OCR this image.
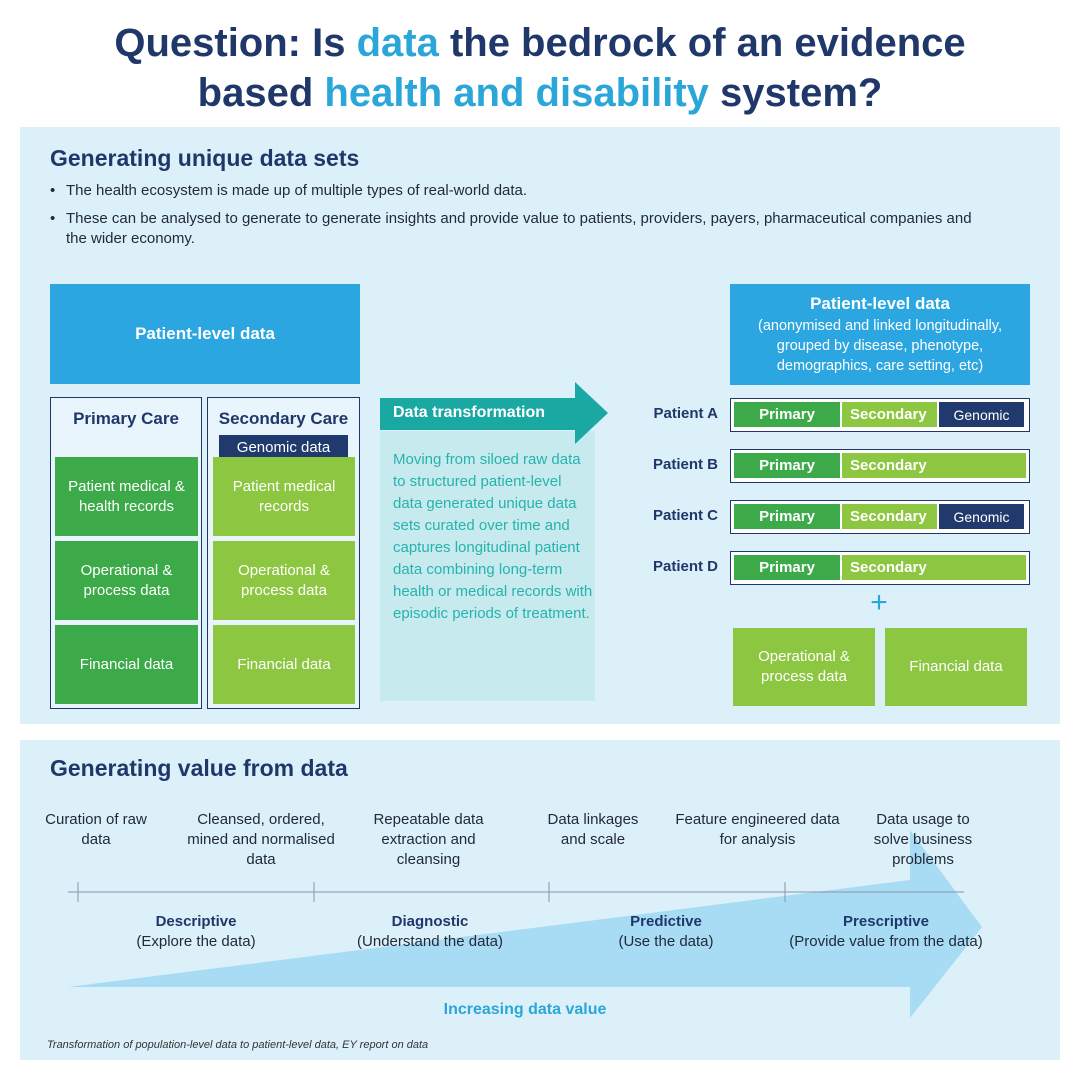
Question: Is data the bedrock of an evidence
based health and disability system?
Generating unique data sets
• The health ecosystem is made up of multiple types of real-world data.
• These can be analysed to generate to generate insights and provide value to patients, providers, payers, pharmaceutical companies and the wider economy.
Patient-level data
Primary Care
Patient medical & health records
Operational & process data
Financial data
Secondary Care
Genomic data
Patient medical records
Operational & process data
Financial data
Data transformation
Moving from siloed raw data to structured patient-level data generated unique data sets curated over time and captures longitudinal patient data combining long-term health or medical records with episodic periods of treatment.
Patient-level data
(anonymised and linked longitudinally, grouped by disease, phenotype, demographics, care setting, etc)
Patient A	Primary	Secondary	Genomic
Patient B	Primary	Secondary
Patient C	Primary	Secondary	Genomic
Patient D	Primary	Secondary
+
Operational & process data
Financial data
Generating value from data
Curation of raw data
Cleansed, ordered, mined and normalised data
Repeatable data extraction and cleansing
Data linkages and scale
Feature engineered data for analysis
Data usage to solve business problems
Descriptive
(Explore the data)
Diagnostic
(Understand the data)
Predictive
(Use the data)
Prescriptive
(Provide value from the data)
Increasing data value
Transformation of population-level data to patient-level data, EY report on data
